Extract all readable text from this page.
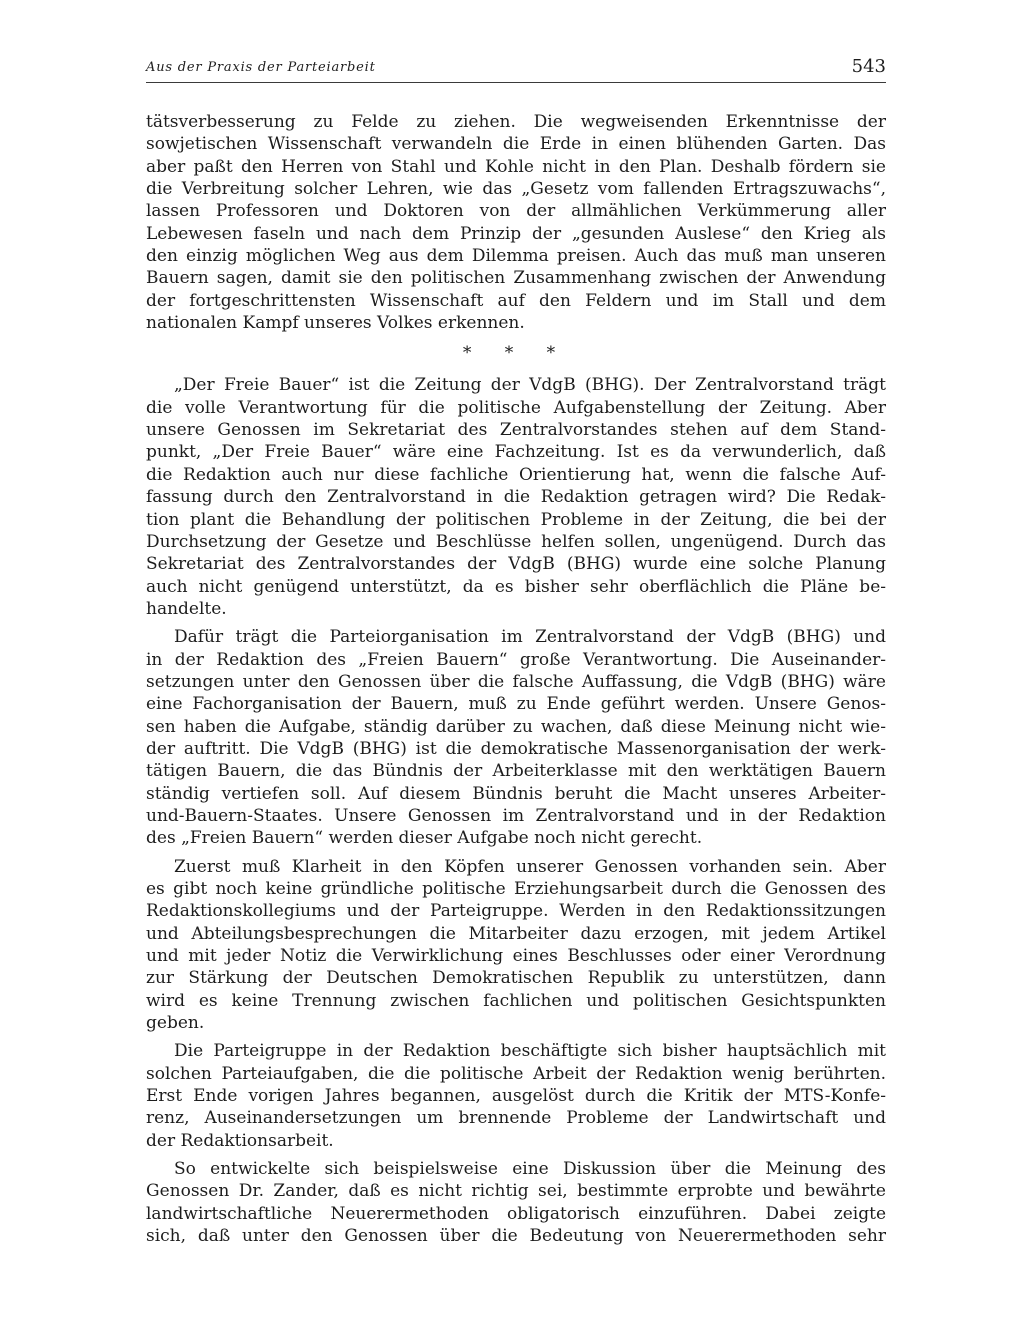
Aus der Praxis der Parteiarbeit	543
tätsverbesserung zu Felde zu ziehen. Die wegweisenden Erkenntnisse der
sowjetischen Wissenschaft verwandeln die Erde in einen blühenden Garten. Das
aber paßt den Herren von Stahl und Kohle nicht in den Plan. Deshalb fördern sie
die Verbreitung solcher Lehren, wie das „Gesetz vom fallenden Ertragszuwachs“,
lassen Professoren und Doktoren von der allmählichen Verkümmerung aller
Lebewesen faseln und nach dem Prinzip der „gesunden Auslese“ den Krieg als
den einzig möglichen Weg aus dem Dilemma preisen. Auch das muß man unseren
Bauern sagen, damit sie den politischen Zusammenhang zwischen der Anwendung
der fortgeschrittensten Wissenschaft auf den Feldern und im Stall und dem
nationalen Kampf unseres Volkes erkennen.
* * *
„Der Freie Bauer“ ist die Zeitung der VdgB (BHG). Der Zentralvorstand trägt
die volle Verantwortung für die politische Aufgabenstellung der Zeitung. Aber
unsere Genossen im Sekretariat des Zentralvorstandes stehen auf dem Stand-
punkt, „Der Freie Bauer“ wäre eine Fachzeitung. Ist es da verwunderlich, daß
die Redaktion auch nur diese fachliche Orientierung hat, wenn die falsche Auf-
fassung durch den Zentralvorstand in die Redaktion getragen wird? Die Redak-
tion plant die Behandlung der politischen Probleme in der Zeitung, die bei der
Durchsetzung der Gesetze und Beschlüsse helfen sollen, ungenügend. Durch das
Sekretariat des Zentralvorstandes der VdgB (BHG) wurde eine solche Planung
auch nicht genügend unterstützt, da es bisher sehr oberflächlich die Pläne be-
handelte.
Dafür trägt die Parteiorganisation im Zentralvorstand der VdgB (BHG) und
in der Redaktion des „Freien Bauern“ große Verantwortung. Die Auseinander-
setzungen unter den Genossen über die falsche Auffassung, die VdgB (BHG) wäre
eine Fachorganisation der Bauern, muß zu Ende geführt werden. Unsere Genos-
sen haben die Aufgabe, ständig darüber zu wachen, daß diese Meinung nicht wie-
der auftritt. Die VdgB (BHG) ist die demokratische Massenorganisation der werk-
tätigen Bauern, die das Bündnis der Arbeiterklasse mit den werktätigen Bauern
ständig vertiefen soll. Auf diesem Bündnis beruht die Macht unseres Arbeiter-
und-Bauern-Staates. Unsere Genossen im Zentralvorstand und in der Redaktion
des „Freien Bauern“ werden dieser Aufgabe noch nicht gerecht.
Zuerst muß Klarheit in den Köpfen unserer Genossen vorhanden sein. Aber
es gibt noch keine gründliche politische Erziehungsarbeit durch die Genossen des
Redaktionskollegiums und der Parteigruppe. Werden in den Redaktionssitzungen
und Abteilungsbesprechungen die Mitarbeiter dazu erzogen, mit jedem Artikel
und mit jeder Notiz die Verwirklichung eines Beschlusses oder einer Verordnung
zur Stärkung der Deutschen Demokratischen Republik zu unterstützen, dann
wird es keine Trennung zwischen fachlichen und politischen Gesichtspunkten
geben.
Die Parteigruppe in der Redaktion beschäftigte sich bisher hauptsächlich mit
solchen Parteiaufgaben, die die politische Arbeit der Redaktion wenig berührten.
Erst Ende vorigen Jahres begannen, ausgelöst durch die Kritik der MTS-Konfe-
renz, Auseinandersetzungen um brennende Probleme der Landwirtschaft und
der Redaktionsarbeit.
So entwickelte sich beispielsweise eine Diskussion über die Meinung des
Genossen Dr. Zander, daß es nicht richtig sei, bestimmte erprobte und bewährte
landwirtschaftliche Neuerermethoden obligatorisch einzuführen. Dabei zeigte
sich, daß unter den Genossen über die Bedeutung von Neuerermethoden sehr
